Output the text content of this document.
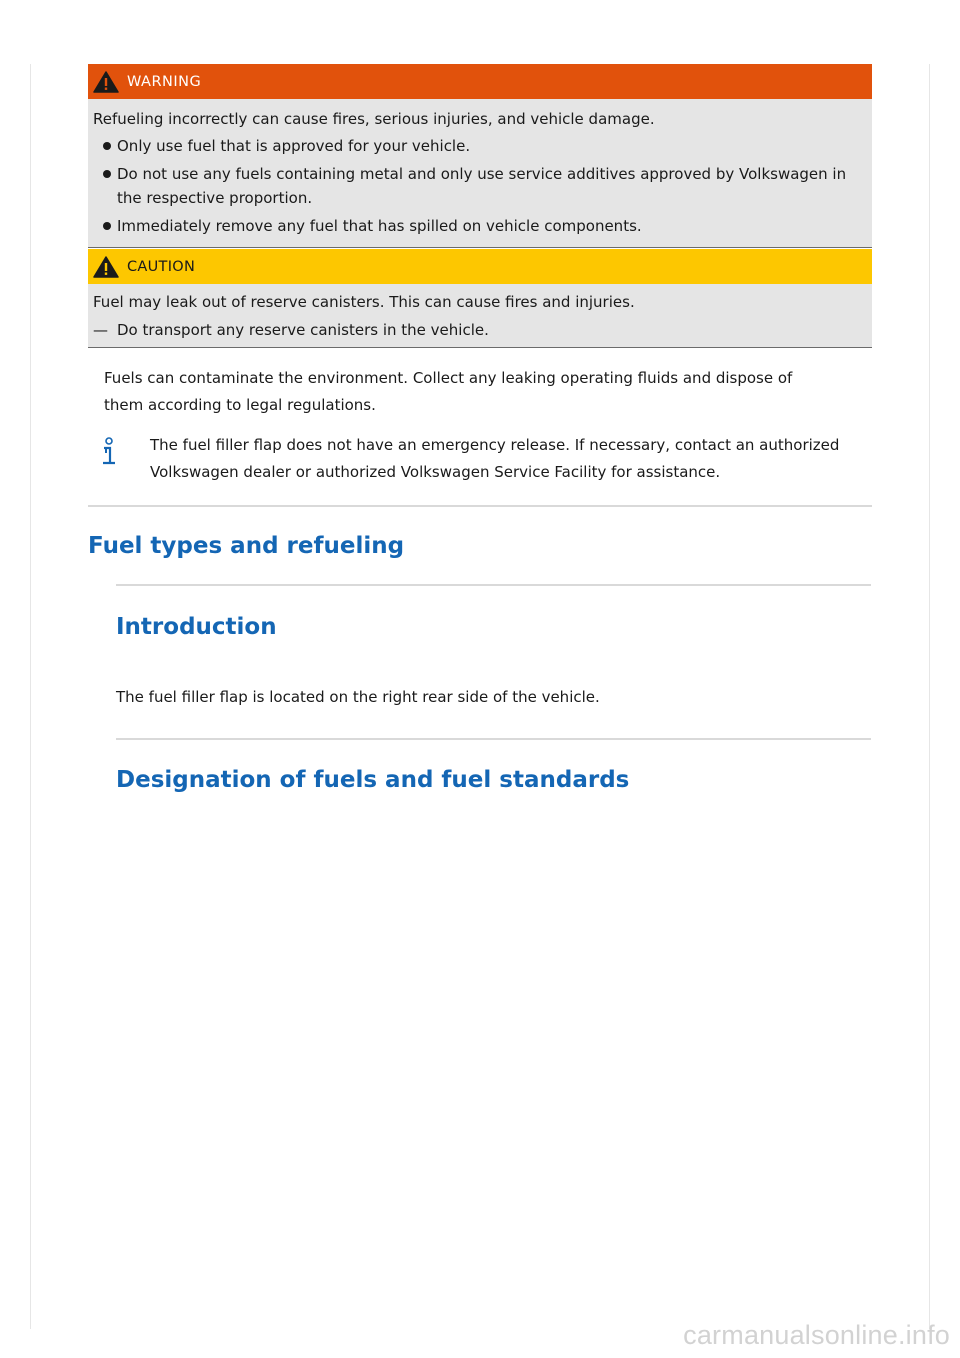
WARNING

Refueling incorrectly can cause fires, serious injuries, and vehicle damage.

Only use fuel that is approved for your vehicle.
Do not use any fuels containing metal and only use service additives approved by Volkswagen in the respective proportion.
Immediately remove any fuel that has spilled on vehicle components.
CAUTION

Fuel may leak out of reserve canisters. This can cause fires and injuries.

— Do transport any reserve canisters in the vehicle.

Fuels can contaminate the environment. Collect any leaking operating fluids and dispose of them according to legal regulations.

The fuel filler flap does not have an emergency release. If necessary, contact an authorized Volkswagen dealer or authorized Volkswagen Service Facility for assistance.

Fuel types and refueling
Introduction

The fuel filler flap is located on the right rear side of the vehicle.

Designation of fuels and fuel standards
carmanualsonline.info
